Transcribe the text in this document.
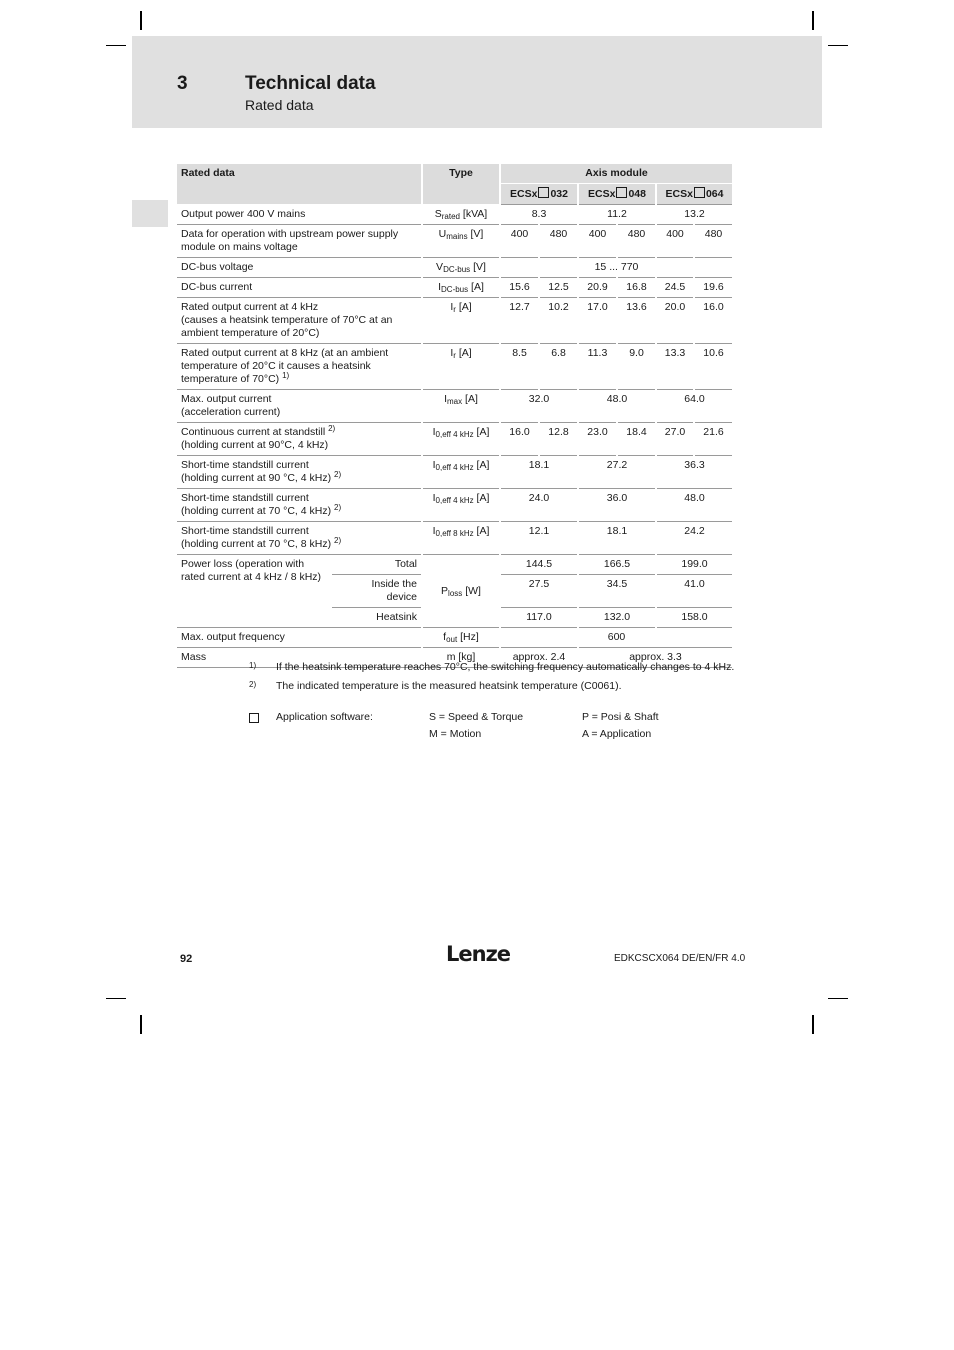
3	Technical data
Rated data
Rated data		Type	Axis module					
			ECSx 032		ECSx 048		ECSx 064	
Output power 400 V mains		$S_{rated}$ [kVA]	8.3		11.2		13.2	
Data for operation with upstream power supply module on mains voltage		$U_{mains}$ [V]	400	480	400	480	400	480
DC-bus voltage		$V_{DC-bus}$ [V]	15 ... 770					
DC-bus current		$I_{DC-bus}$ [A]	15.6	12.5	20.9	16.8	24.5	19.6
Rated output current at 4 kHz
(causes a heatsink temperature of 70°C at an ambient temperature of 20°C)		$I_r$ [A]	12.7	10.2	17.0	13.6	20.0	16.0
Rated output current at 8 kHz (at an ambient temperature of 20°C it causes a heatsink temperature of 70°C) $^{1)}$		$I_r$ [A]	8.5	6.8	11.3	9.0	13.3	10.6
Max. output current
(acceleration current)		$I_{max}$ [A]	32.0		48.0		64.0	
Continuous current at standstill $^{2)}$
(holding current at 90°C, 4 kHz)		$I_{0,eff 4 kHz}$ [A]	16.0	12.8	23.0	18.4	27.0	21.6
Short-time standstill current
(holding current at 90 °C, 4 kHz) $^{2)}$		$I_{0,eff 4 kHz}$ [A]	18.1		27.2		36.3	
Short-time standstill current
(holding current at 70 °C, 4 kHz) $^{2)}$		$I_{0,eff 4 kHz}$ [A]	24.0		36.0		48.0	
Short-time standstill current
(holding current at 70 °C, 8 kHz) $^{2)}$		$I_{0,eff 8 kHz}$ [A]	12.1		18.1		24.2	
Power loss (operation with rated current at 4 kHz / 8 kHz)	Total	$P_{loss}$ [W]	144.5		166.5		199.0	
	Inside the device		27.5		34.5		41.0	
	Heatsink		117.0		132.0		158.0	
Max. output frequency		$f_{out}$ [Hz]	600					
Mass		m [kg]	approx. 2.4		approx. 3.3			
1) If the heatsink temperature reaches 70°C, the switching frequency automatically changes to 4 kHz.
2) The indicated temperature is the measured heatsink temperature (C0061).
Application software:	S = Speed & Torque	P = Posi & Shaft
M = Motion	A = Application
92	Lenze	EDKCSCX064 DE/EN/FR 4.0
